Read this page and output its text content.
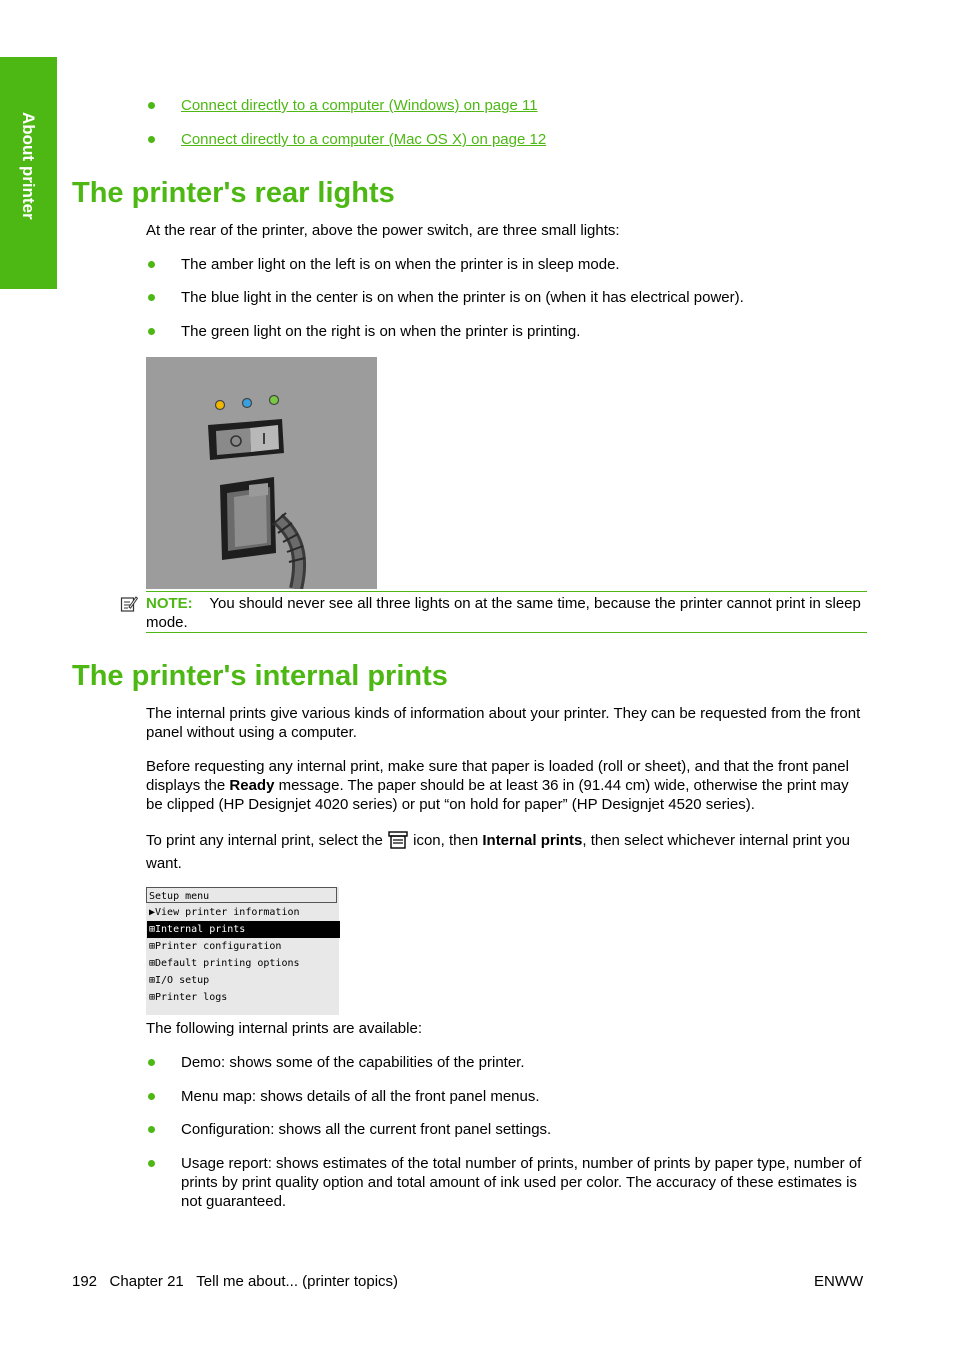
About printer
Connect directly to a computer (Windows) on page 11
Connect directly to a computer (Mac OS X) on page 12
The printer's rear lights
At the rear of the printer, above the power switch, are three small lights:
The amber light on the left is on when the printer is in sleep mode.
The blue light in the center is on when the printer is on (when it has electrical power).
The green light on the right is on when the printer is printing.
NOTE: You should never see all three lights on at the same time, because the printer cannot print in sleep mode.
The printer's internal prints
The internal prints give various kinds of information about your printer. They can be requested from the front panel without using a computer.
Before requesting any internal print, make sure that paper is loaded (roll or sheet), and that the front panel displays the Ready message. The paper should be at least 36 in (91.44 cm) wide, otherwise the print may be clipped (HP Designjet 4020 series) or put “on hold for paper” (HP Designjet 4520 series).
To print any internal print, select the  icon, then Internal prints, then select whichever internal print you want.
Setup menu
▶View printer information
⊞Internal prints
⊞Printer configuration
⊞Default printing options
⊞I/O setup
⊞Printer logs
The following internal prints are available:
Demo: shows some of the capabilities of the printer.
Menu map: shows details of all the front panel menus.
Configuration: shows all the current front panel settings.
Usage report: shows estimates of the total number of prints, number of prints by paper type, number of prints by print quality option and total amount of ink used per color. The accuracy of these estimates is not guaranteed.
192 Chapter 21 Tell me about... (printer topics)	ENWW
